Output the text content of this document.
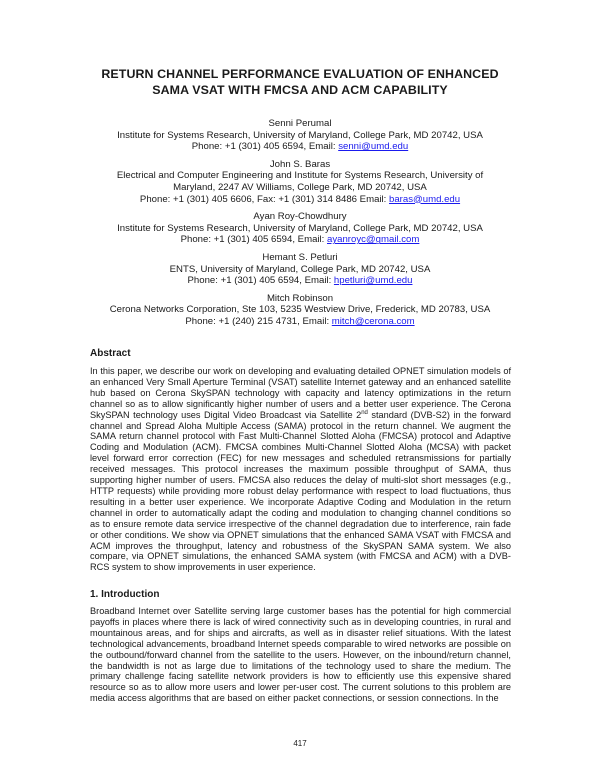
RETURN CHANNEL PERFORMANCE EVALUATION OF ENHANCED
SAMA VSAT WITH FMCSA AND ACM CAPABILITY
Senni Perumal
Institute for Systems Research, University of Maryland, College Park, MD 20742, USA
Phone: +1 (301) 405 6594, Email: senni@umd.edu
John S. Baras
Electrical and Computer Engineering and Institute for Systems Research, University of
Maryland, 2247 AV Williams, College Park, MD 20742, USA
Phone: +1 (301) 405 6606, Fax: +1 (301) 314 8486 Email: baras@umd.edu
Ayan Roy-Chowdhury
Institute for Systems Research, University of Maryland, College Park, MD 20742, USA
Phone: +1 (301) 405 6594, Email: ayanroyc@gmail.com
Hemant S. Petluri
ENTS, University of Maryland, College Park, MD 20742, USA
Phone: +1 (301) 405 6594, Email: hpetluri@umd.edu
Mitch Robinson
Cerona Networks Corporation, Ste 103, 5235 Westview Drive, Frederick, MD 20783, USA
Phone: +1 (240) 215 4731, Email: mitch@cerona.com
Abstract
In this paper, we describe our work on developing and evaluating detailed OPNET simulation models of an enhanced Very Small Aperture Terminal (VSAT) satellite Internet gateway and an enhanced satellite hub based on Cerona SkySPAN technology with capacity and latency optimizations in the return channel so as to allow significantly higher number of users and a better user experience. The Cerona SkySPAN technology uses Digital Video Broadcast via Satellite 2nd standard (DVB-S2) in the forward channel and Spread Aloha Multiple Access (SAMA) protocol in the return channel. We augment the SAMA return channel protocol with Fast Multi-Channel Slotted Aloha (FMCSA) protocol and Adaptive Coding and Modulation (ACM). FMCSA combines Multi-Channel Slotted Aloha (MCSA) with packet level forward error correction (FEC) for new messages and scheduled retransmissions for partially received messages. This protocol increases the maximum possible throughput of SAMA, thus supporting higher number of users. FMCSA also reduces the delay of multi-slot short messages (e.g., HTTP requests) while providing more robust delay performance with respect to load fluctuations, thus resulting in a better user experience. We incorporate Adaptive Coding and Modulation in the return channel in order to automatically adapt the coding and modulation to changing channel conditions so as to ensure remote data service irrespective of the channel degradation due to interference, rain fade or other conditions. We show via OPNET simulations that the enhanced SAMA VSAT with FMCSA and ACM improves the throughput, latency and robustness of the SkySPAN SAMA system. We also compare, via OPNET simulations, the enhanced SAMA system (with FMCSA and ACM) with a DVB-RCS system to show improvements in user experience.
1. Introduction
Broadband Internet over Satellite serving large customer bases has the potential for high commercial payoffs in places where there is lack of wired connectivity such as in developing countries, in rural and mountainous areas, and for ships and aircrafts, as well as in disaster relief situations. With the latest technological advancements, broadband Internet speeds comparable to wired networks are possible on the outbound/forward channel from the satellite to the users. However, on the inbound/return channel, the bandwidth is not as large due to limitations of the technology used to share the medium. The primary challenge facing satellite network providers is how to efficiently use this expensive shared resource so as to allow more users and lower per-user cost. The current solutions to this problem are media access algorithms that are based on either packet connections, or session connections. In the
417
